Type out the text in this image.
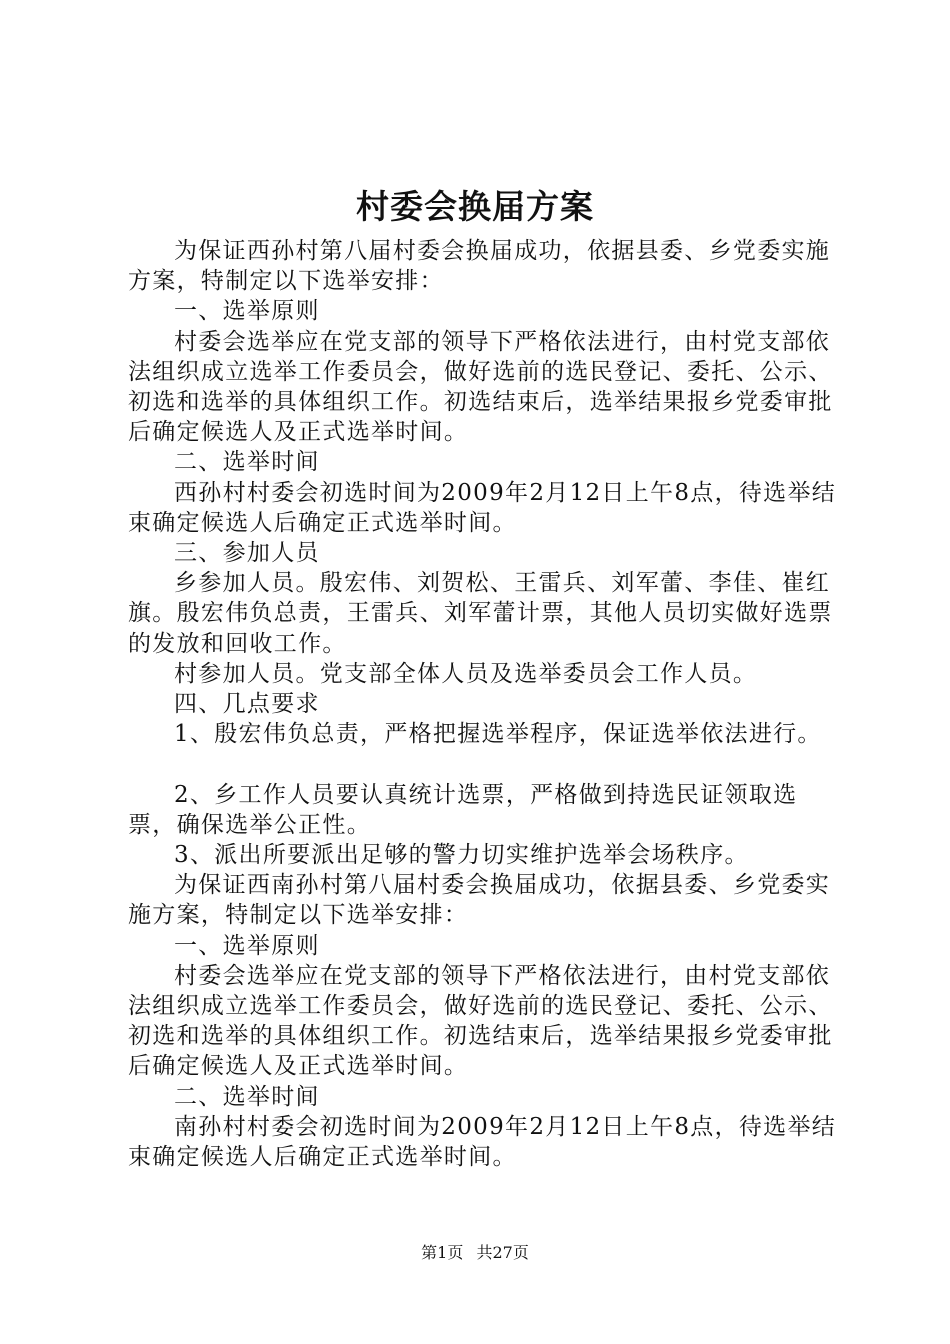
村委会换届方案

为保证西孙村第八届村委会换届成功，依据县委、乡党委实施方案，特制定以下选举安排：

一、选举原则

村委会选举应在党支部的领导下严格依法进行，由村党支部依法组织成立选举工作委员会，做好选前的选民登记、委托、公示、初选和选举的具体组织工作。初选结束后，选举结果报乡党委审批后确定候选人及正式选举时间。

二、选举时间

西孙村村委会初选时间为2009年2月12日上午8点，待选举结束确定候选人后确定正式选举时间。

三、参加人员

乡参加人员。殷宏伟、刘贺松、王雷兵、刘军蕾、李佳、崔红旗。殷宏伟负总责，王雷兵、刘军蕾计票，其他人员切实做好选票的发放和回收工作。

村参加人员。党支部全体人员及选举委员会工作人员。

四、几点要求

1、殷宏伟负总责，严格把握选举程序，保证选举依法进行。

2、乡工作人员要认真统计选票，严格做到持选民证领取选票，确保选举公正性。

3、派出所要派出足够的警力切实维护选举会场秩序。

为保证西南孙村第八届村委会换届成功，依据县委、乡党委实施方案，特制定以下选举安排：

一、选举原则

村委会选举应在党支部的领导下严格依法进行，由村党支部依法组织成立选举工作委员会，做好选前的选民登记、委托、公示、初选和选举的具体组织工作。初选结束后，选举结果报乡党委审批后确定候选人及正式选举时间。

二、选举时间

南孙村村委会初选时间为2009年2月12日上午8点，待选举结束确定候选人后确定正式选举时间。

第1页 共27页
